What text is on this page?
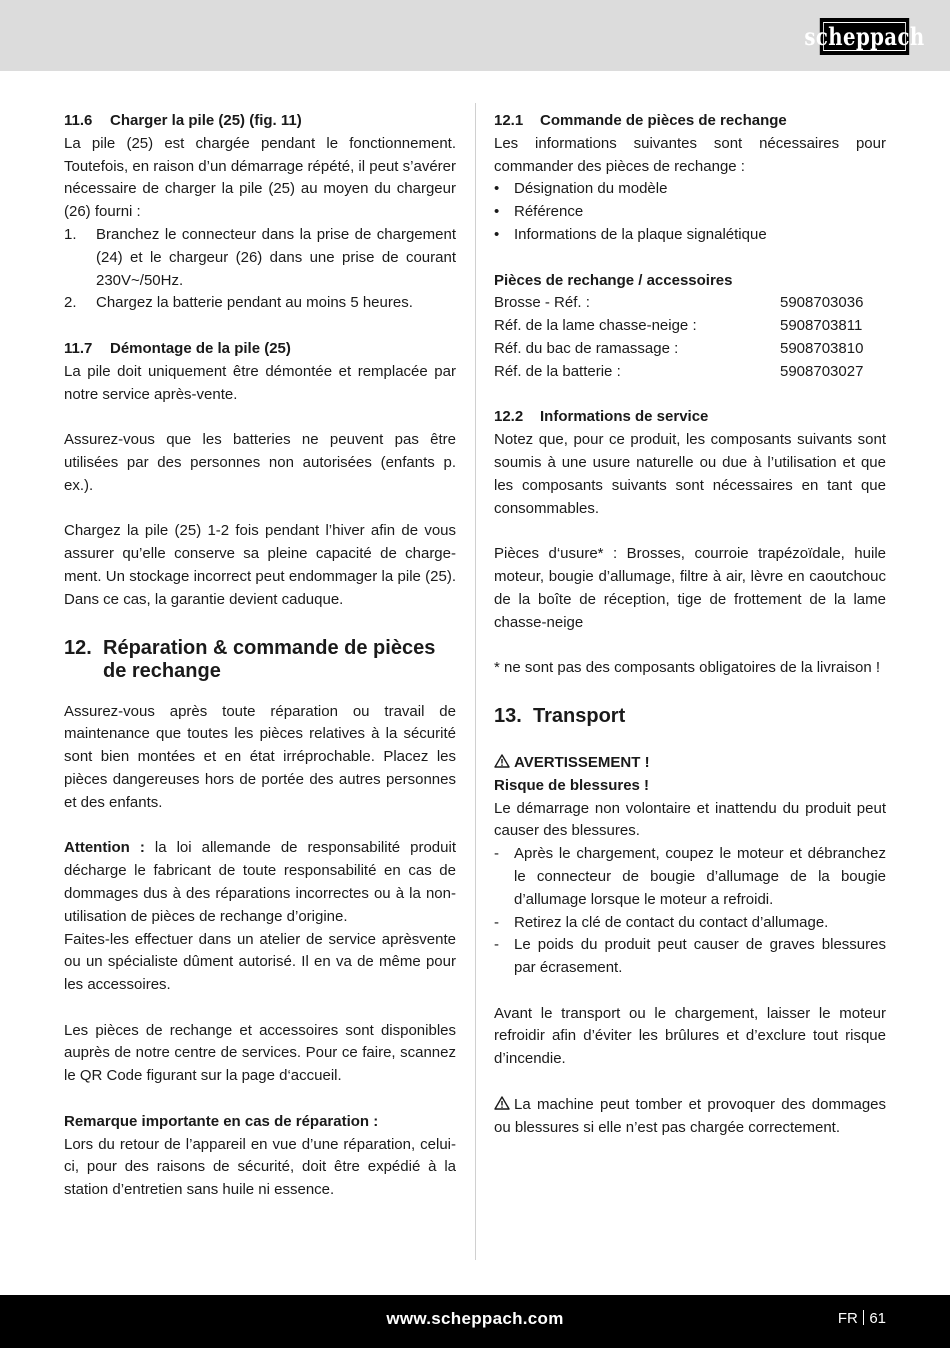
scheppach
11.6 Charger la pile (25) (fig. 11)
La pile (25) est chargée pendant le fonctionnement. Toutefois, en raison d’un démarrage répété, il peut s’avérer nécessaire de charger la pile (25) au moyen du chargeur (26) fourni :
1.	Branchez le connecteur dans la prise de chargement (24) et le chargeur (26) dans une prise de courant 230V~/50Hz.
2.	Chargez la batterie pendant au moins 5 heures.
11.7 Démontage de la pile (25)
La pile doit uniquement être démontée et remplacée par notre service après-vente.
Assurez-vous que les batteries ne peuvent pas être utilisées par des personnes non autorisées (enfants p. ex.).
Chargez la pile (25) 1-2 fois pendant l’hiver afin de vous assurer qu’elle conserve sa pleine capacité de chargement. Un stockage incorrect peut endommager la pile (25). Dans ce cas, la garantie devient caduque.
12. Réparation & commande de pièces de rechange
Assurez-vous après toute réparation ou travail de maintenance que toutes les pièces relatives à la sécurité sont bien montées et en état irréprochable. Placez les pièces dangereuses hors de portée des autres personnes et des enfants.
Attention : la loi allemande de responsabilité produit décharge le fabricant de toute responsabilité en cas de dommages dus à des réparations incorrectes ou à la non-utilisation de pièces de rechange d’origine.
Faites-les effectuer dans un atelier de service aprèsvente ou un spécialiste dûment autorisé. Il en va de même pour les accessoires.
Les pièces de rechange et accessoires sont disponibles auprès de notre centre de services. Pour ce faire, scannez le QR Code figurant sur la page d‘accueil.
Remarque importante en cas de réparation :
Lors du retour de l’appareil en vue d’une réparation, celui-ci, pour des raisons de sécurité, doit être expédié à la station d’entretien sans huile ni essence.
12.1 Commande de pièces de rechange
Les informations suivantes sont nécessaires pour commander des pièces de rechange :
• Désignation du modèle
• Référence
• Informations de la plaque signalétique
Pièces de rechange / accessoires
Brosse - Réf. :	5908703036
Réf. de la lame chasse-neige :	5908703811
Réf. du bac de ramassage :	5908703810
Réf. de la batterie :	5908703027
12.2 Informations de service
Notez que, pour ce produit, les composants suivants sont soumis à une usure naturelle ou due à l’utilisation et que les composants suivants sont nécessaires en tant que consommables.
Pièces d‘usure* : Brosses, courroie trapézoïdale, huile moteur, bougie d’allumage, filtre à air, lèvre en caoutchouc de la boîte de réception, tige de frottement de la lame chasse-neige
* ne sont pas des composants obligatoires de la livraison !
13. Transport
AVERTISSEMENT !
Risque de blessures !
Le démarrage non volontaire et inattendu du produit peut causer des blessures.
-	Après le chargement, coupez le moteur et débranchez le connecteur de bougie d’allumage de la bougie d’allumage lorsque le moteur a refroidi.
-	Retirez la clé de contact du contact d’allumage.
-	Le poids du produit peut causer de graves blessures par écrasement.
Avant le transport ou le chargement, laisser le moteur refroidir afin d’éviter les brûlures et d’exclure tout risque d’incendie.
La machine peut tomber et provoquer des dommages ou blessures si elle n’est pas chargée correctement.
www.scheppach.com	FR 61
